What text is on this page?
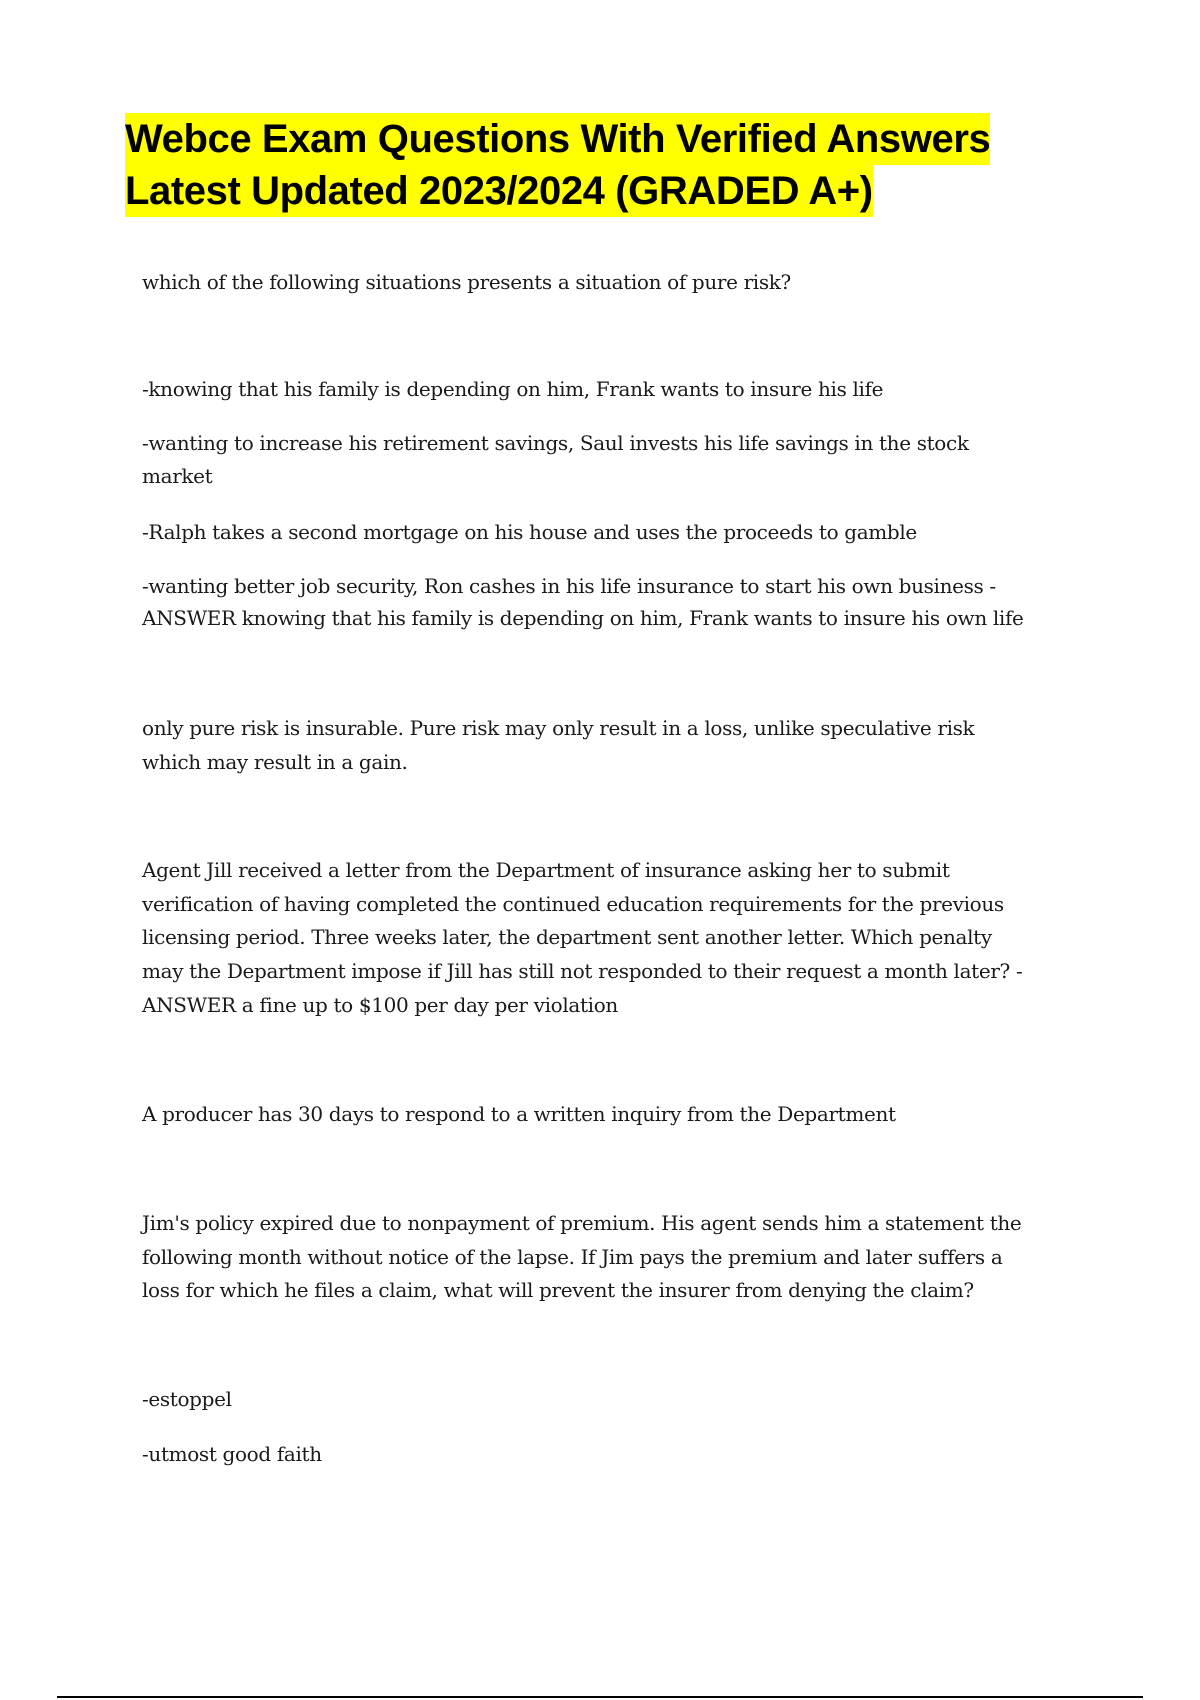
Webce Exam Questions With Verified Answers
Latest Updated 2023/2024 (GRADED A+)

which of the following situations presents a situation of pure risk?

-knowing that his family is depending on him, Frank wants to insure his life

-wanting to increase his retirement savings, Saul invests his life savings in the stock

market

-Ralph takes a second mortgage on his house and uses the proceeds to gamble

-wanting better job security, Ron cashes in his life insurance to start his own business -

ANSWER knowing that his family is depending on him, Frank wants to insure his own life

only pure risk is insurable. Pure risk may only result in a loss, unlike speculative risk

which may result in a gain.

Agent Jill received a letter from the Department of insurance asking her to submit

verification of having completed the continued education requirements for the previous

licensing period. Three weeks later, the department sent another letter. Which penalty

may the Department impose if Jill has still not responded to their request a month later? -

ANSWER a fine up to $100 per day per violation

A producer has 30 days to respond to a written inquiry from the Department

Jim's policy expired due to nonpayment of premium. His agent sends him a statement the

following month without notice of the lapse. If Jim pays the premium and later suffers a

loss for which he files a claim, what will prevent the insurer from denying the claim?

-estoppel

-utmost good faith
